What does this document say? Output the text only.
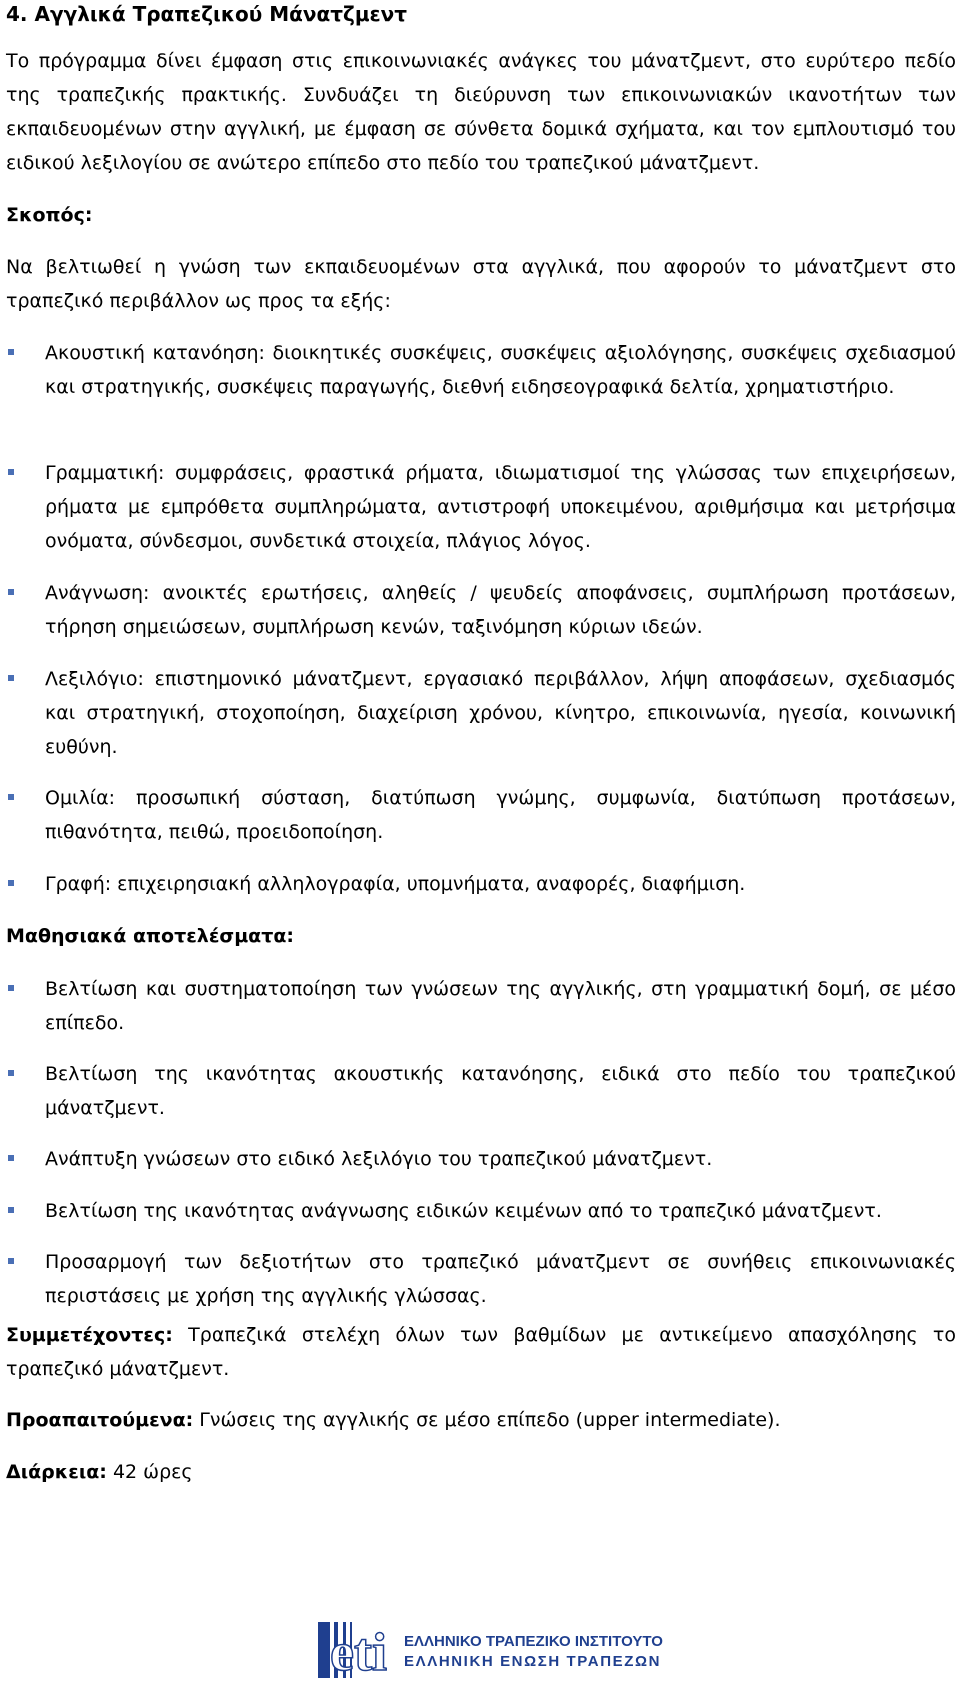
4. Αγγλικά Τραπεζικού Μάνατζμεντ

Το πρόγραμμα δίνει έμφαση στις επικοινωνιακές ανάγκες του μάνατζμεντ, στο ευρύτερο πεδίο της τραπεζικής πρακτικής. Συνδυάζει τη διεύρυνση των επικοινωνιακών ικανοτήτων των εκπαιδευομένων στην αγγλική, με έμφαση σε σύνθετα δομικά σχήματα, και τον εμπλουτισμό του ειδικού λεξιλογίου σε ανώτερο επίπεδο στο πεδίο του τραπεζικού μάνατζμεντ.

Σκοπός:

Να βελτιωθεί η γνώση των εκπαιδευομένων στα αγγλικά, που αφορούν το μάνατζμεντ στο τραπεζικό περιβάλλον ως προς τα εξής:

Ακουστική κατανόηση: διοικητικές συσκέψεις, συσκέψεις αξιολόγησης, συσκέψεις σχεδιασμού και στρατηγικής, συσκέψεις παραγωγής, διεθνή ειδησεογραφικά δελτία, χρηματιστήριο.

Γραμματική: συμφράσεις, φραστικά ρήματα, ιδιωματισμοί της γλώσσας των επιχειρήσεων, ρήματα με εμπρόθετα συμπληρώματα, αντιστροφή υποκειμένου, αριθμήσιμα και μετρήσιμα ονόματα, σύνδεσμοι, συνδετικά στοιχεία, πλάγιος λόγος.

Ανάγνωση: ανοικτές ερωτήσεις, αληθείς / ψευδείς αποφάνσεις, συμπλήρωση προτάσεων, τήρηση σημειώσεων, συμπλήρωση κενών, ταξινόμηση κύριων ιδεών.

Λεξιλόγιο: επιστημονικό μάνατζμεντ, εργασιακό περιβάλλον, λήψη αποφάσεων, σχεδιασμός και στρατηγική, στοχοποίηση, διαχείριση χρόνου, κίνητρο, επικοινωνία, ηγεσία, κοινωνική ευθύνη.

Ομιλία: προσωπική σύσταση, διατύπωση γνώμης, συμφωνία, διατύπωση προτάσεων, πιθανότητα, πειθώ, προειδοποίηση.

Γραφή: επιχειρησιακή αλληλογραφία, υπομνήματα, αναφορές, διαφήμιση.

Μαθησιακά αποτελέσματα:

Βελτίωση και συστηματοποίηση των γνώσεων της αγγλικής, στη γραμματική δομή, σε μέσο επίπεδο.

Βελτίωση της ικανότητας ακουστικής κατανόησης, ειδικά στο πεδίο του τραπεζικού μάνατζμεντ.

Ανάπτυξη γνώσεων στο ειδικό λεξιλόγιο του τραπεζικού μάνατζμεντ.

Βελτίωση της ικανότητας ανάγνωσης ειδικών κειμένων από το τραπεζικό μάνατζμεντ.

Προσαρμογή των δεξιοτήτων στο τραπεζικό μάνατζμεντ σε συνήθεις επικοινωνιακές περιστάσεις με χρήση της αγγλικής γλώσσας.

Συμμετέχοντες: Τραπεζικά στελέχη όλων των βαθμίδων με αντικείμενο απασχόλησης το τραπεζικό μάνατζμεντ.

Προαπαιτούμενα: Γνώσεις της αγγλικής σε μέσο επίπεδο (upper intermediate).

Διάρκεια: 42 ώρες

eti ΕΛΛΗΝΙΚΟ ΤΡΑΠΕΖΙΚΟ ΙΝΣΤΙΤΟΥΤΟ
ΕΛΛΗΝΙΚΗ ΕΝΩΣΗ ΤΡΑΠΕΖΩΝ
